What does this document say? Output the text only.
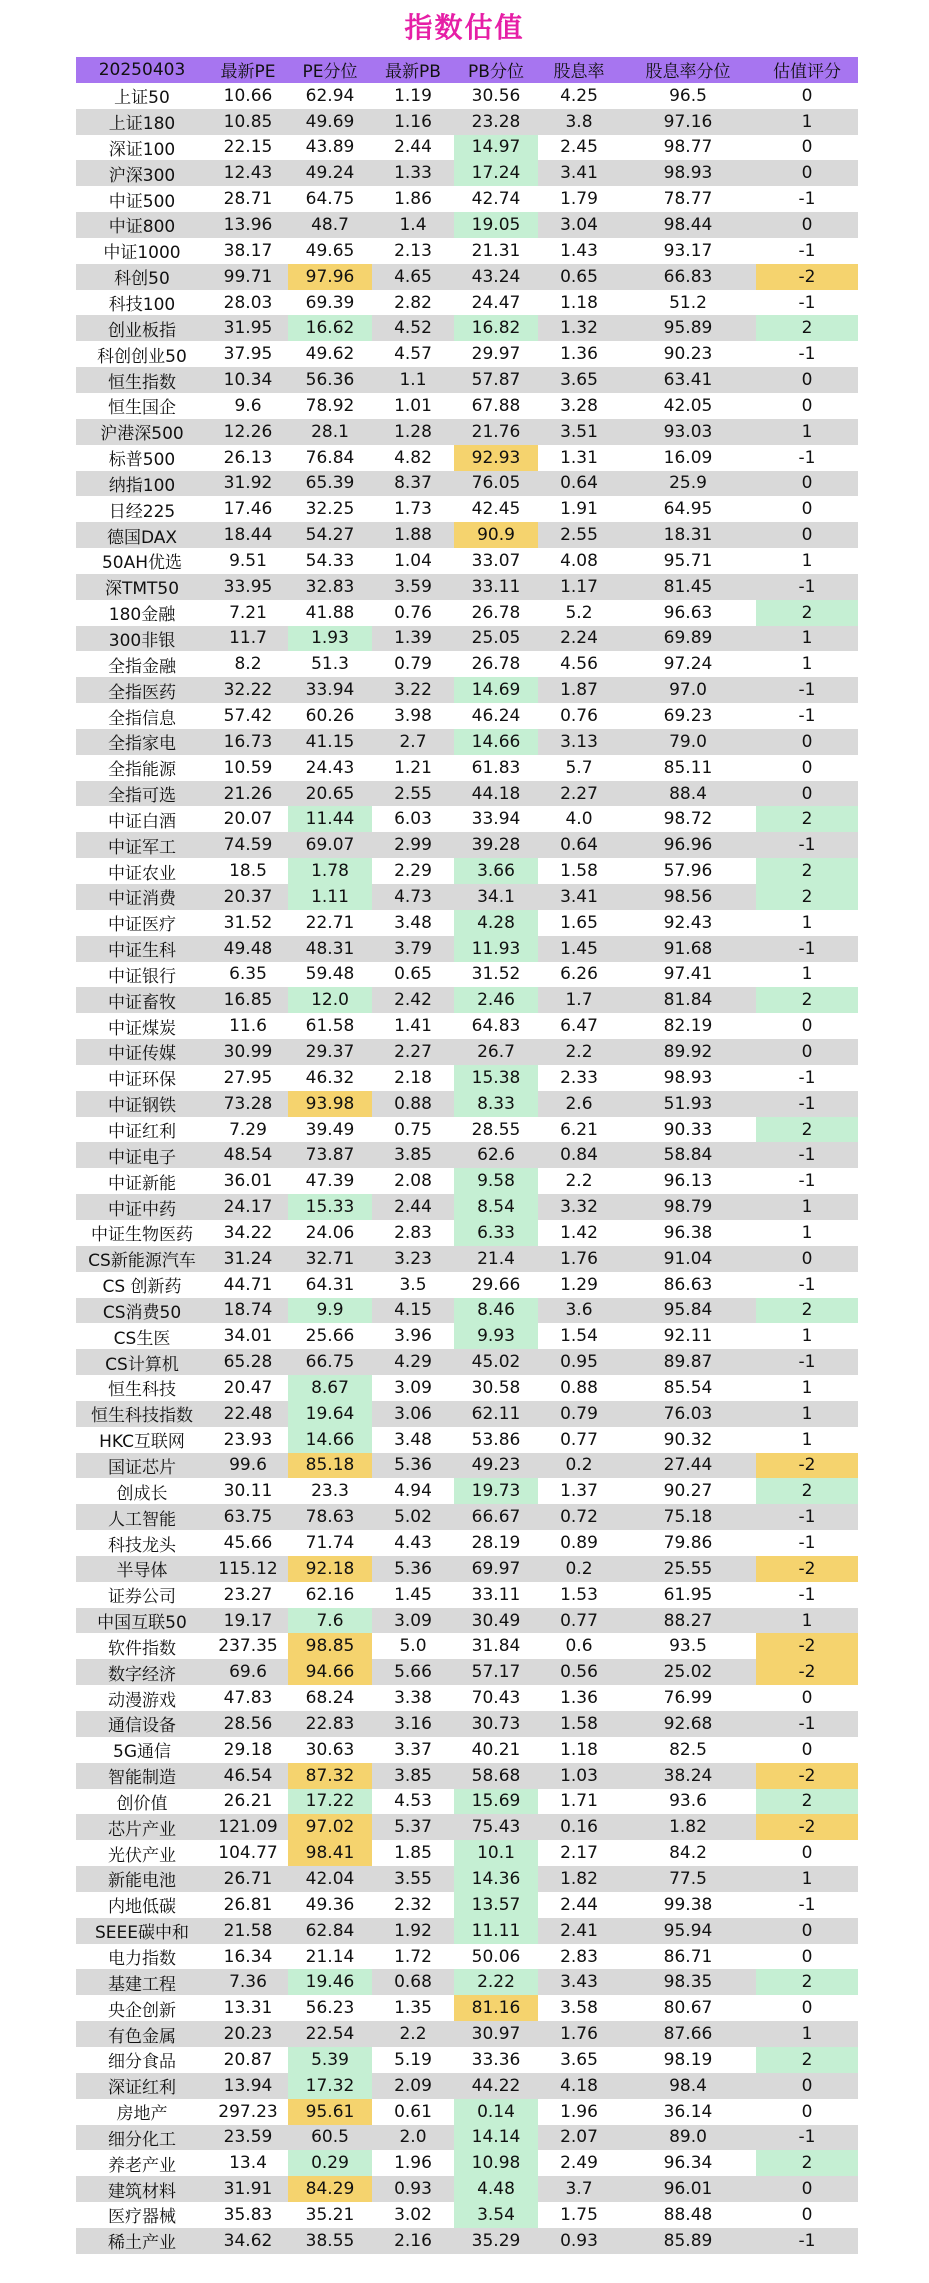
指数估值
20250403	最新PE	PE分位	最新PB	PB分位	股息率	股息率分位	估值评分
上证50	10.66	62.94	1.19	30.56	4.25	96.5	0
上证180	10.85	49.69	1.16	23.28	3.8	97.16	1
深证100	22.15	43.89	2.44	14.97	2.45	98.77	0
沪深300	12.43	49.24	1.33	17.24	3.41	98.93	0
中证500	28.71	64.75	1.86	42.74	1.79	78.77	-1
中证800	13.96	48.7	1.4	19.05	3.04	98.44	0
中证1000	38.17	49.65	2.13	21.31	1.43	93.17	-1
科创50	99.71	97.96	4.65	43.24	0.65	66.83	-2
科技100	28.03	69.39	2.82	24.47	1.18	51.2	-1
创业板指	31.95	16.62	4.52	16.82	1.32	95.89	2
科创创业50	37.95	49.62	4.57	29.97	1.36	90.23	-1
恒生指数	10.34	56.36	1.1	57.87	3.65	63.41	0
恒生国企	9.6	78.92	1.01	67.88	3.28	42.05	0
沪港深500	12.26	28.1	1.28	21.76	3.51	93.03	1
标普500	26.13	76.84	4.82	92.93	1.31	16.09	-1
纳指100	31.92	65.39	8.37	76.05	0.64	25.9	0
日经225	17.46	32.25	1.73	42.45	1.91	64.95	0
德国DAX	18.44	54.27	1.88	90.9	2.55	18.31	0
50AH优选	9.51	54.33	1.04	33.07	4.08	95.71	1
深TMT50	33.95	32.83	3.59	33.11	1.17	81.45	-1
180金融	7.21	41.88	0.76	26.78	5.2	96.63	2
300非银	11.7	1.93	1.39	25.05	2.24	69.89	1
全指金融	8.2	51.3	0.79	26.78	4.56	97.24	1
全指医药	32.22	33.94	3.22	14.69	1.87	97.0	-1
全指信息	57.42	60.26	3.98	46.24	0.76	69.23	-1
全指家电	16.73	41.15	2.7	14.66	3.13	79.0	0
全指能源	10.59	24.43	1.21	61.83	5.7	85.11	0
全指可选	21.26	20.65	2.55	44.18	2.27	88.4	0
中证白酒	20.07	11.44	6.03	33.94	4.0	98.72	2
中证军工	74.59	69.07	2.99	39.28	0.64	96.96	-1
中证农业	18.5	1.78	2.29	3.66	1.58	57.96	2
中证消费	20.37	1.11	4.73	34.1	3.41	98.56	2
中证医疗	31.52	22.71	3.48	4.28	1.65	92.43	1
中证生科	49.48	48.31	3.79	11.93	1.45	91.68	-1
中证银行	6.35	59.48	0.65	31.52	6.26	97.41	1
中证畜牧	16.85	12.0	2.42	2.46	1.7	81.84	2
中证煤炭	11.6	61.58	1.41	64.83	6.47	82.19	0
中证传媒	30.99	29.37	2.27	26.7	2.2	89.92	0
中证环保	27.95	46.32	2.18	15.38	2.33	98.93	-1
中证钢铁	73.28	93.98	0.88	8.33	2.6	51.93	-1
中证红利	7.29	39.49	0.75	28.55	6.21	90.33	2
中证电子	48.54	73.87	3.85	62.6	0.84	58.84	-1
中证新能	36.01	47.39	2.08	9.58	2.2	96.13	-1
中证中药	24.17	15.33	2.44	8.54	3.32	98.79	1
中证生物医药	34.22	24.06	2.83	6.33	1.42	96.38	1
CS新能源汽车	31.24	32.71	3.23	21.4	1.76	91.04	0
CS 创新药	44.71	64.31	3.5	29.66	1.29	86.63	-1
CS消费50	18.74	9.9	4.15	8.46	3.6	95.84	2
CS生医	34.01	25.66	3.96	9.93	1.54	92.11	1
CS计算机	65.28	66.75	4.29	45.02	0.95	89.87	-1
恒生科技	20.47	8.67	3.09	30.58	0.88	85.54	1
恒生科技指数	22.48	19.64	3.06	62.11	0.79	76.03	1
HKC互联网	23.93	14.66	3.48	53.86	0.77	90.32	1
国证芯片	99.6	85.18	5.36	49.23	0.2	27.44	-2
创成长	30.11	23.3	4.94	19.73	1.37	90.27	2
人工智能	63.75	78.63	5.02	66.67	0.72	75.18	-1
科技龙头	45.66	71.74	4.43	28.19	0.89	79.86	-1
半导体	115.12	92.18	5.36	69.97	0.2	25.55	-2
证券公司	23.27	62.16	1.45	33.11	1.53	61.95	-1
中国互联50	19.17	7.6	3.09	30.49	0.77	88.27	1
软件指数	237.35	98.85	5.0	31.84	0.6	93.5	-2
数字经济	69.6	94.66	5.66	57.17	0.56	25.02	-2
动漫游戏	47.83	68.24	3.38	70.43	1.36	76.99	0
通信设备	28.56	22.83	3.16	30.73	1.58	92.68	-1
5G通信	29.18	30.63	3.37	40.21	1.18	82.5	0
智能制造	46.54	87.32	3.85	58.68	1.03	38.24	-2
创价值	26.21	17.22	4.53	15.69	1.71	93.6	2
芯片产业	121.09	97.02	5.37	75.43	0.16	1.82	-2
光伏产业	104.77	98.41	1.85	10.1	2.17	84.2	0
新能电池	26.71	42.04	3.55	14.36	1.82	77.5	1
内地低碳	26.81	49.36	2.32	13.57	2.44	99.38	-1
SEEE碳中和	21.58	62.84	1.92	11.11	2.41	95.94	0
电力指数	16.34	21.14	1.72	50.06	2.83	86.71	0
基建工程	7.36	19.46	0.68	2.22	3.43	98.35	2
央企创新	13.31	56.23	1.35	81.16	3.58	80.67	0
有色金属	20.23	22.54	2.2	30.97	1.76	87.66	1
细分食品	20.87	5.39	5.19	33.36	3.65	98.19	2
深证红利	13.94	17.32	2.09	44.22	4.18	98.4	0
房地产	297.23	95.61	0.61	0.14	1.96	36.14	0
细分化工	23.59	60.5	2.0	14.14	2.07	89.0	-1
养老产业	13.4	0.29	1.96	10.98	2.49	96.34	2
建筑材料	31.91	84.29	0.93	4.48	3.7	96.01	0
医疗器械	35.83	35.21	3.02	3.54	1.75	88.48	0
稀土产业	34.62	38.55	2.16	35.29	0.93	85.89	-1
